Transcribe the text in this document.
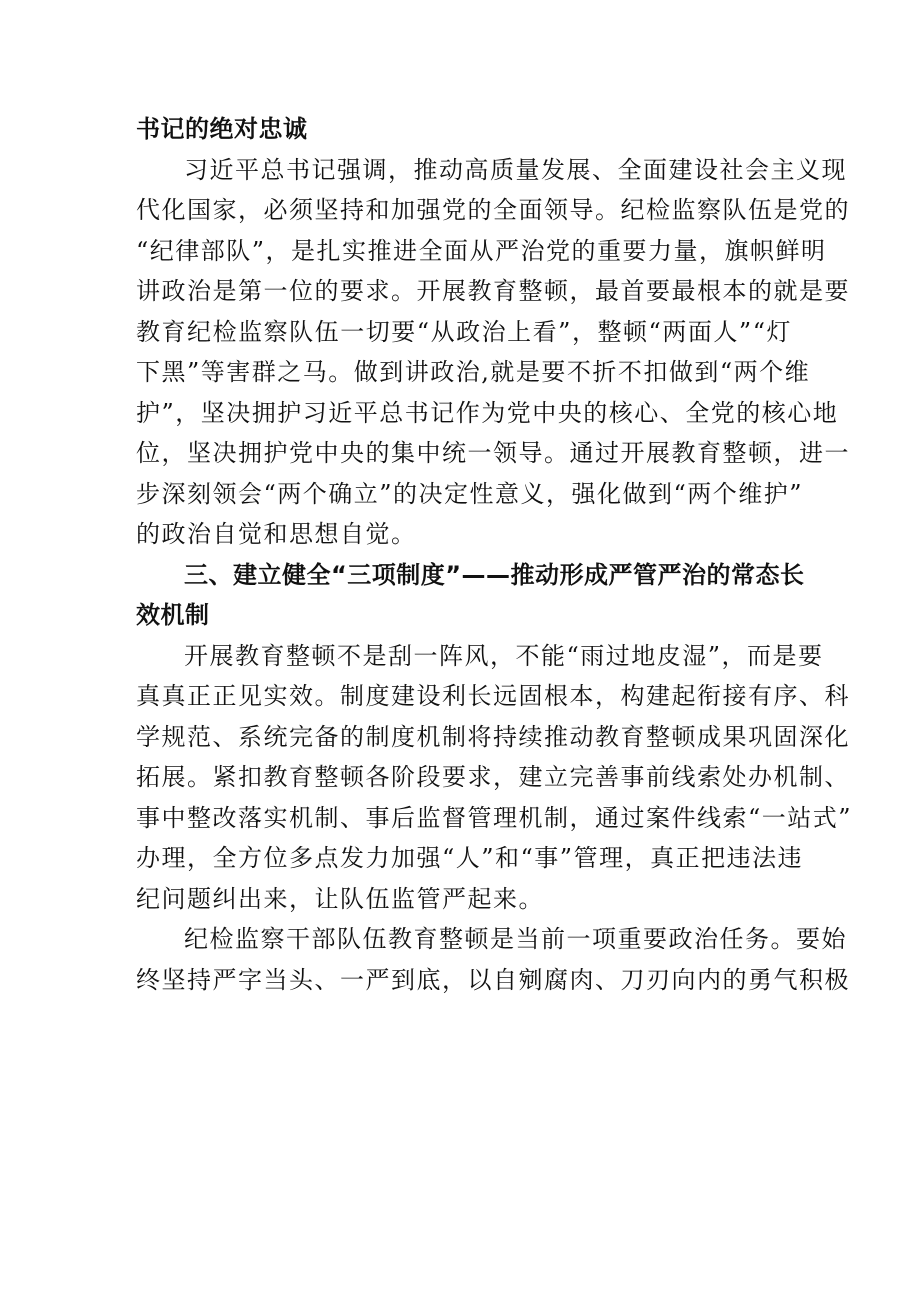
书记的绝对忠诚
习近平总书记强调，推动高质量发展、全面建设社会主义现
代化国家，必须坚持和加强党的全面领导。纪检监察队伍是党的
“纪律部队”，是扎实推进全面从严治党的重要力量，旗帜鲜明
讲政治是第一位的要求。开展教育整顿，最首要最根本的就是要
教育纪检监察队伍一切要“从政治上看”，整顿“两面人”“灯
下黑”等害群之马。做到讲政治,就是要不折不扣做到“两个维
护”，坚决拥护习近平总书记作为党中央的核心、全党的核心地
位，坚决拥护党中央的集中统一领导。通过开展教育整顿，进一
步深刻领会“两个确立”的决定性意义，强化做到“两个维护”
的政治自觉和思想自觉。
三、建立健全“三项制度”——推动形成严管严治的常态长
效机制
开展教育整顿不是刮一阵风，不能“雨过地皮湿”，而是要
真真正正见实效。制度建设利长远固根本，构建起衔接有序、科
学规范、系统完备的制度机制将持续推动教育整顿成果巩固深化
拓展。紧扣教育整顿各阶段要求，建立完善事前线索处办机制、
事中整改落实机制、事后监督管理机制，通过案件线索“一站式”
办理，全方位多点发力加强“人”和“事”管理，真正把违法违
纪问题纠出来，让队伍监管严起来。
纪检监察干部队伍教育整顿是当前一项重要政治任务。要始
终坚持严字当头、一严到底，以自剜腐肉、刀刃向内的勇气积极
